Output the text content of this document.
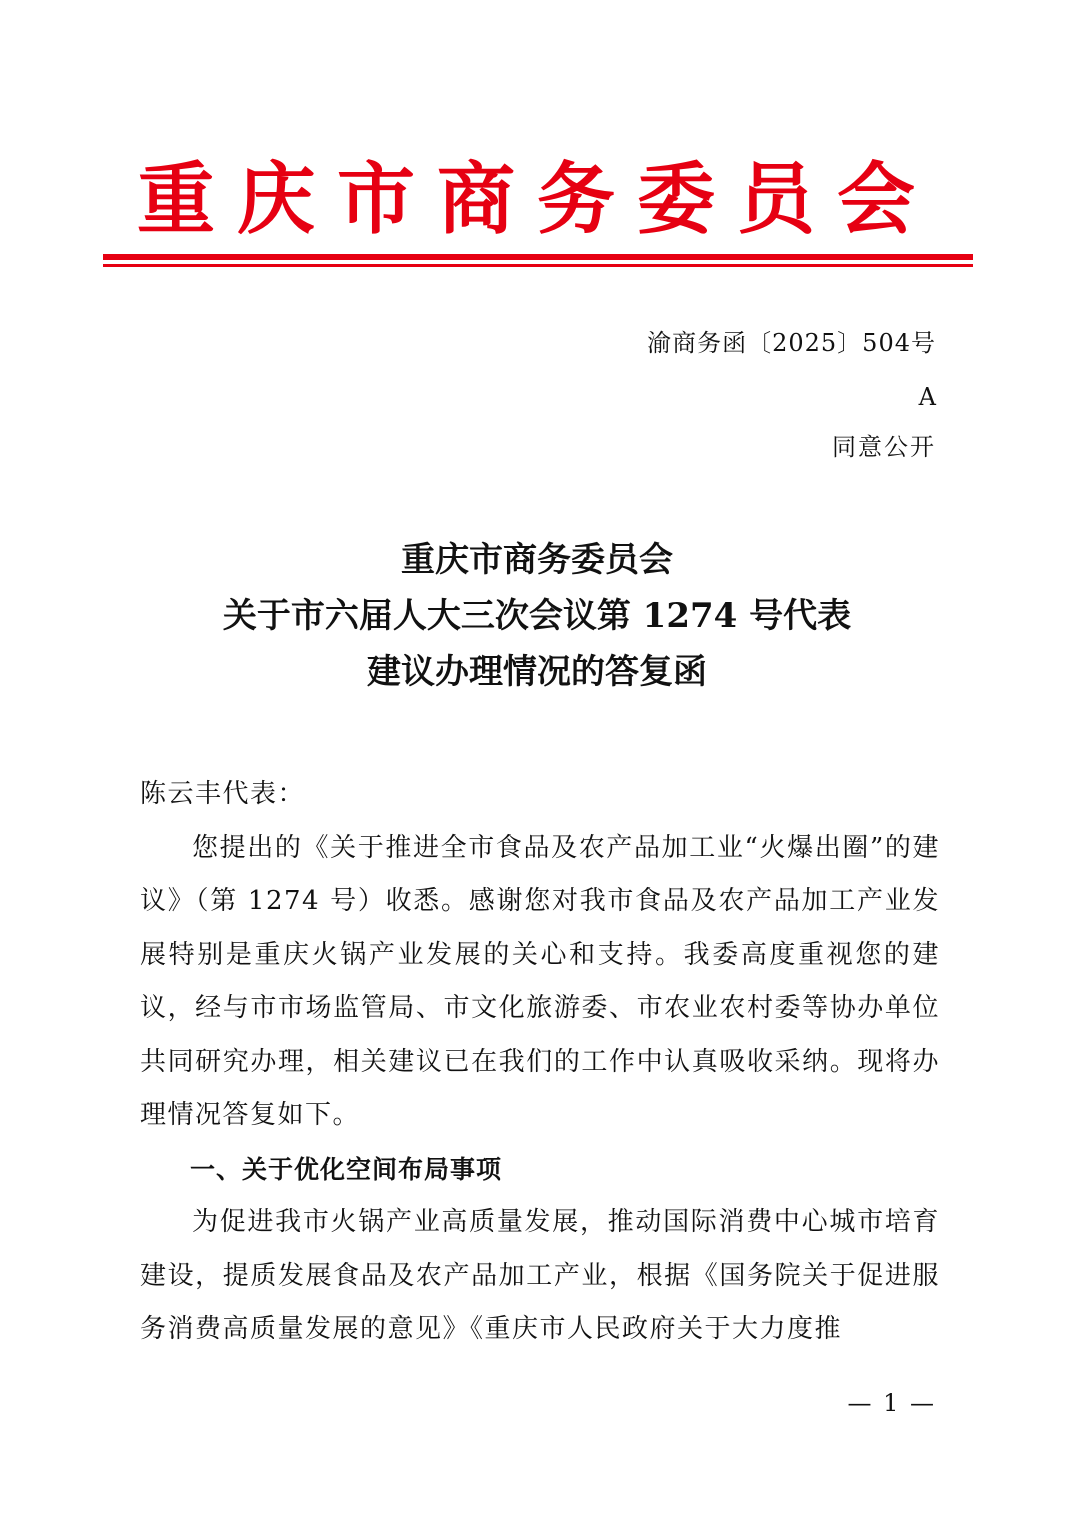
重庆市商务委员会
渝商务函〔2025〕504号
A
同意公开
重庆市商务委员会
关于市六届人大三次会议第 1274 号代表
建议办理情况的答复函

陈云丰代表：

您提出的《关于推进全市食品及农产品加工业“火爆出圈”的建议》（第 1274 号）收悉。感谢您对我市食品及农产品加工产业发展特别是重庆火锅产业发展的关心和支持。我委高度重视您的建议，经与市市场监管局、市文化旅游委、市农业农村委等协办单位共同研究办理，相关建议已在我们的工作中认真吸收采纳。现将办理情况答复如下。

一、关于优化空间布局事项

为促进我市火锅产业高质量发展，推动国际消费中心城市培育建设，提质发展食品及农产品加工产业，根据《国务院关于促进服务消费高质量发展的意见》《重庆市人民政府关于大力度推

— 1 —
